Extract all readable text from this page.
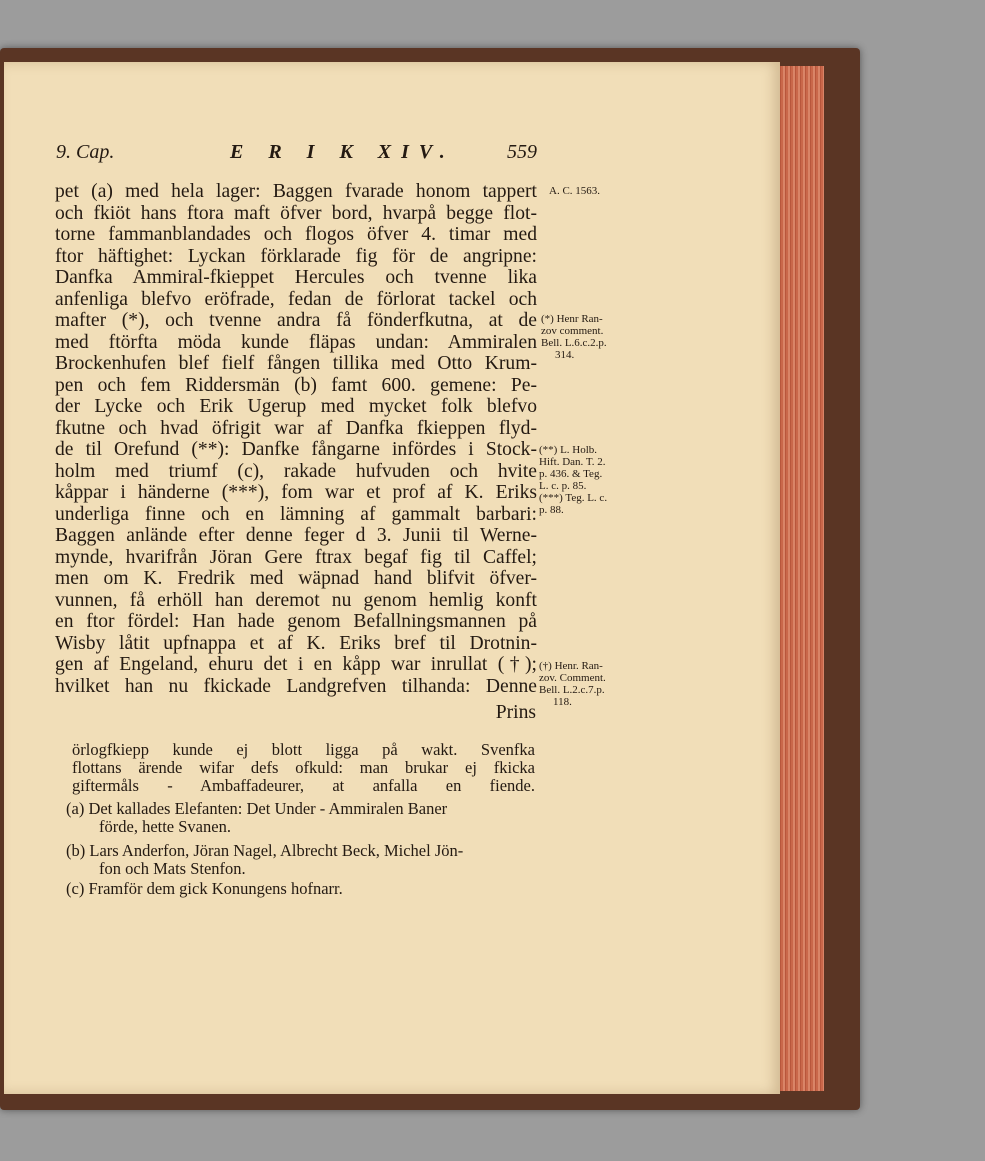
9. Cap.	E R I K XIV.	559
pet (a) med hela lager: Baggen fvarade honom tappert
och fkiöt hans ftora maft öfver bord, hvarpå begge flot-
torne fammanblandades och flogos öfver 4. timar med
ftor häftighet: Lyckan förklarade fig för de angripne:
Danfka Ammiral-fkieppet Hercules och tvenne lika
anfenliga blefvo eröfrade, fedan de förlorat tackel och
mafter (*), och tvenne andra få fönderfkutna, at de
med ftörfta möda kunde fläpas undan: Ammiralen
Brockenhufen blef fielf fången tillika med Otto Krum-
pen och fem Riddersmän (b) famt 600. gemene: Pe-
der Lycke och Erik Ugerup med mycket folk blefvo
fkutne och hvad öfrigit war af Danfka fkieppen flyd-
de til Orefund (**): Danfke fångarne infördes i Stock-
holm med triumf (c), rakade hufvuden och hvite
kåppar i händerne (***), fom war et prof af K. Eriks
underliga finne och en lämning af gammalt barbari:
Baggen anlände efter denne feger d 3. Junii til Werne-
mynde, hvarifrån Jöran Gere ftrax begaf fig til Caffel;
men om K. Fredrik med wäpnad hand blifvit öfver-
vunnen, få erhöll han deremot nu genom hemlig konft
en ftor fördel: Han hade genom Befallningsmannen på
Wisby låtit upfnappa et af K. Eriks bref til Drotnin-
gen af Engeland, ehuru det i en kåpp war inrullat (†);
hvilket han nu fkickade Landgrefven tilhanda: Denne
Prins
örlogfkiepp kunde ej blott ligga på wakt. Svenfka
flottans ärende wifar defs ofkuld: man brukar ej fkicka
giftermåls - Ambaffadeurer, at anfalla en fiende.
(a) Det kallades Elefanten: Det Under - Ammiralen Baner
förde, hette Svanen.
(b) Lars Anderfon, Jöran Nagel, Albrecht Beck, Michel Jön-
fon och Mats Stenfon.
(c) Framför dem gick Konungens hofnarr.
A. C. 1563.
(*) Henr Ran-
zov comment.
Bell. L.6.c.2.p.
314.
(**) L. Holb.
Hift. Dan. T. 2.
p. 436. & Teg.
L. c. p. 85.
(***) Teg. L. c.
p. 88.
(†) Henr. Ran-
zov. Comment.
Bell. L.2.c.7.p.
118.
